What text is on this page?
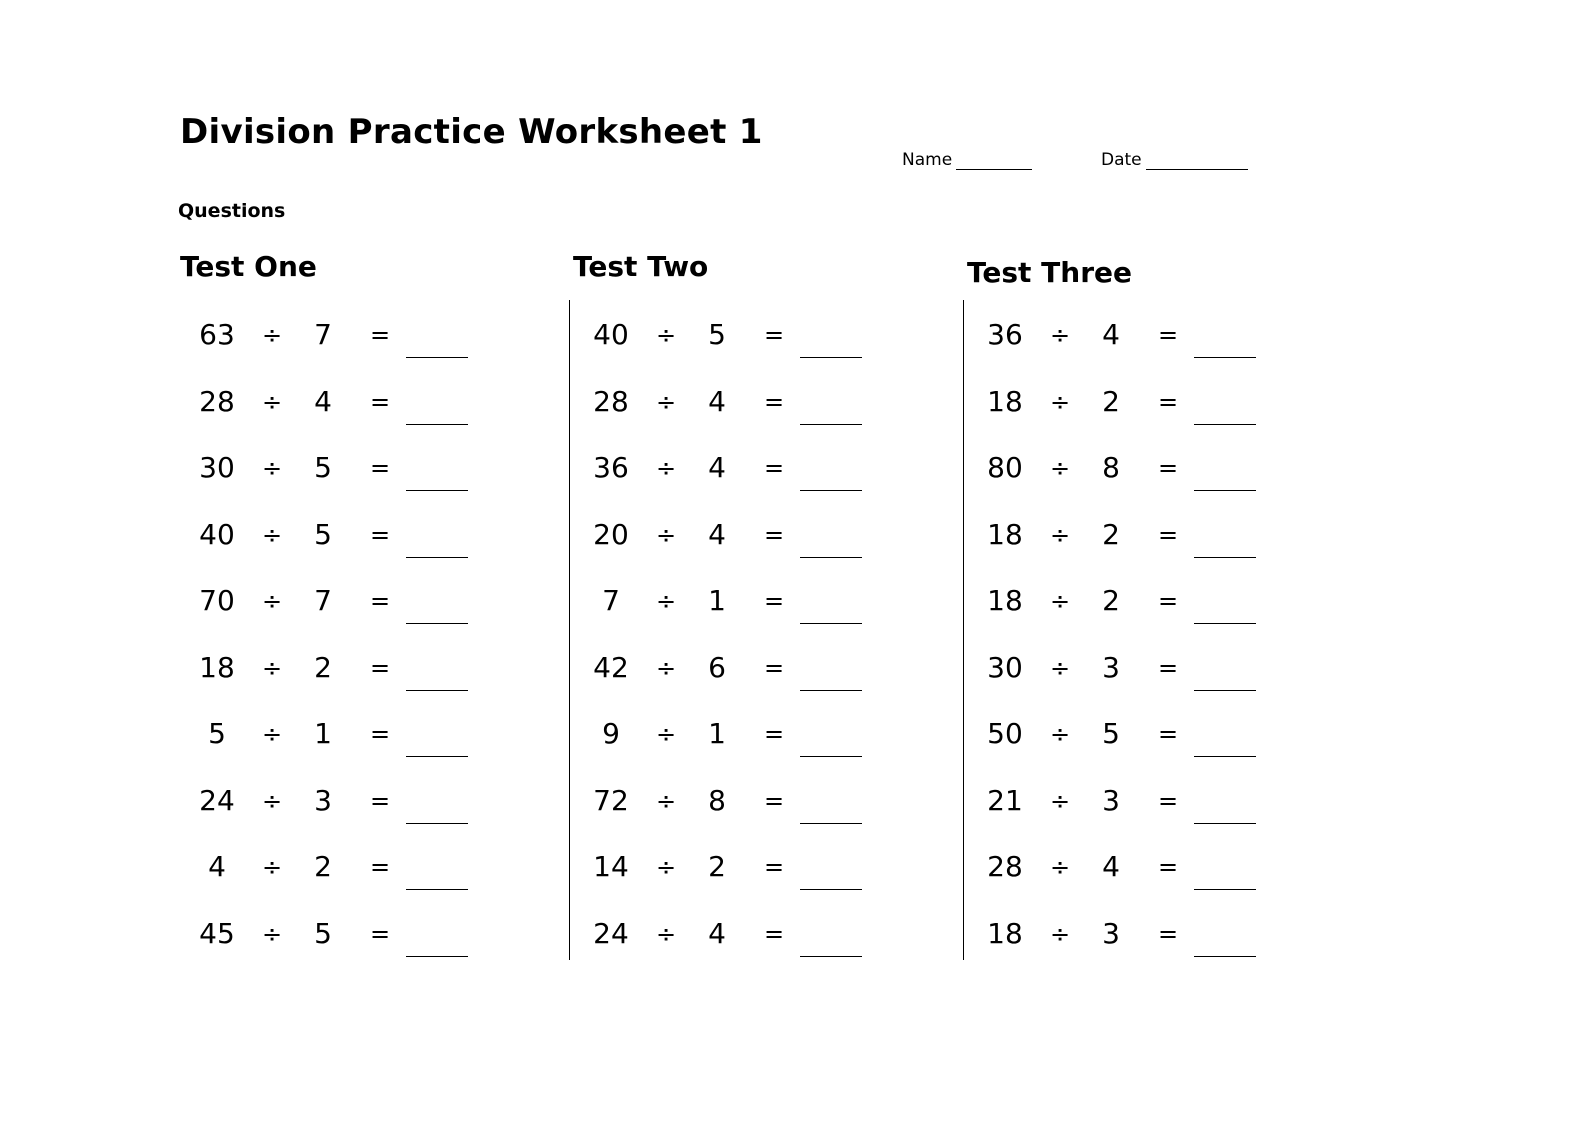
Division Practice Worksheet 1
Name	Date
Questions
Test One
63 ÷ 7	=
28 ÷ 4	=
30 ÷ 5	=
40 ÷ 5	=
70 ÷ 7	=
18 ÷ 2	=
5	÷ 1	=
24 ÷ 3	=
4	÷ 2	=
45 ÷ 5	=
Test Two
40 ÷ 5	=
28 ÷ 4	=
36 ÷ 4	=
20 ÷ 4	=
7	÷ 1	=
42 ÷ 6	=
9	÷ 1	=
72 ÷ 8	=
14 ÷ 2	=
24 ÷ 4	=
Test Three
36 ÷ 4	=
18 ÷ 2	=
80 ÷ 8	=
18 ÷ 2	=
18 ÷ 2	=
30 ÷ 3	=
50 ÷ 5	=
21 ÷ 3	=
28 ÷ 4	=
18 ÷ 3	=
